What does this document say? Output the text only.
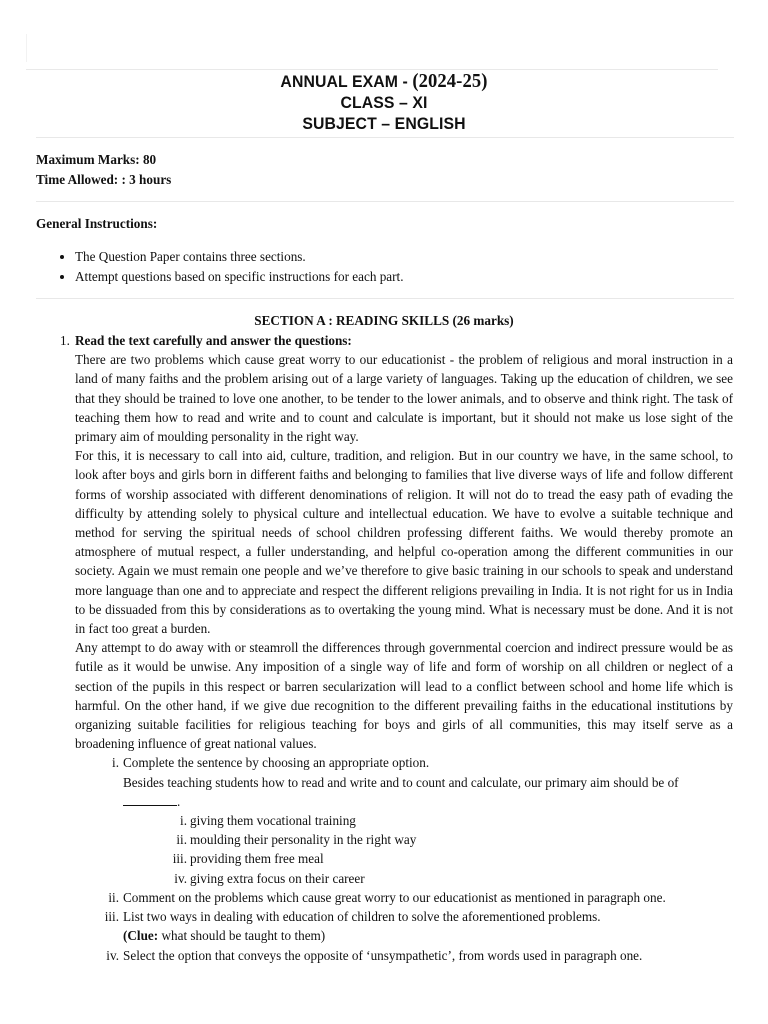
ANNUAL EXAM - (2024-25)
CLASS – XI
SUBJECT – ENGLISH
Maximum Marks: 80
Time Allowed: : 3 hours
General Instructions:
• The Question Paper contains three sections.
• Attempt questions based on specific instructions for each part.
SECTION A : READING SKILLS (26 marks)
1. Read the text carefully and answer the questions:

There are two problems which cause great worry to our educationist - the problem of religious and moral instruction in a land of many faiths and the problem arising out of a large variety of languages. Taking up the education of children, we see that they should be trained to love one another, to be tender to the lower animals, and to observe and think right. The task of teaching them how to read and write and to count and calculate is important, but it should not make us lose sight of the primary aim of moulding personality in the right way.

For this, it is necessary to call into aid, culture, tradition, and religion. But in our country we have, in the same school, to look after boys and girls born in different faiths and belonging to families that live diverse ways of life and follow different forms of worship associated with different denominations of religion. It will not do to tread the easy path of evading the difficulty by attending solely to physical culture and intellectual education. We have to evolve a suitable technique and method for serving the spiritual needs of school children professing different faiths. We would thereby promote an atmosphere of mutual respect, a fuller understanding, and helpful co-operation among the different communities in our society. Again we must remain one people and we’ve therefore to give basic training in our schools to speak and understand more language than one and to appreciate and respect the different religions prevailing in India. It is not right for us in India to be dissuaded from this by considerations as to overtaking the young mind. What is necessary must be done. And it is not in fact too great a burden.

Any attempt to do away with or steamroll the differences through governmental coercion and indirect pressure would be as futile as it would be unwise. Any imposition of a single way of life and form of worship on all children or neglect of a section of the pupils in this respect or barren secularization will lead to a conflict between school and home life which is harmful. On the other hand, if we give due recognition to the different prevailing faiths in the educational institutions by organizing suitable facilities for religious teaching for boys and girls of all communities, this may itself serve as a broadening influence of great national values.

i. Complete the sentence by choosing an appropriate option.
Besides teaching students how to read and write and to count and calculate, our primary aim should be of
.
i. giving them vocational training
ii. moulding their personality in the right way
iii. providing them free meal
iv. giving extra focus on their career
ii. Comment on the problems which cause great worry to our educationist as mentioned in paragraph one.
iii. List two ways in dealing with education of children to solve the aforementioned problems.
(Clue: what should be taught to them)
iv. Select the option that conveys the opposite of ‘unsympathetic’, from words used in paragraph one.
